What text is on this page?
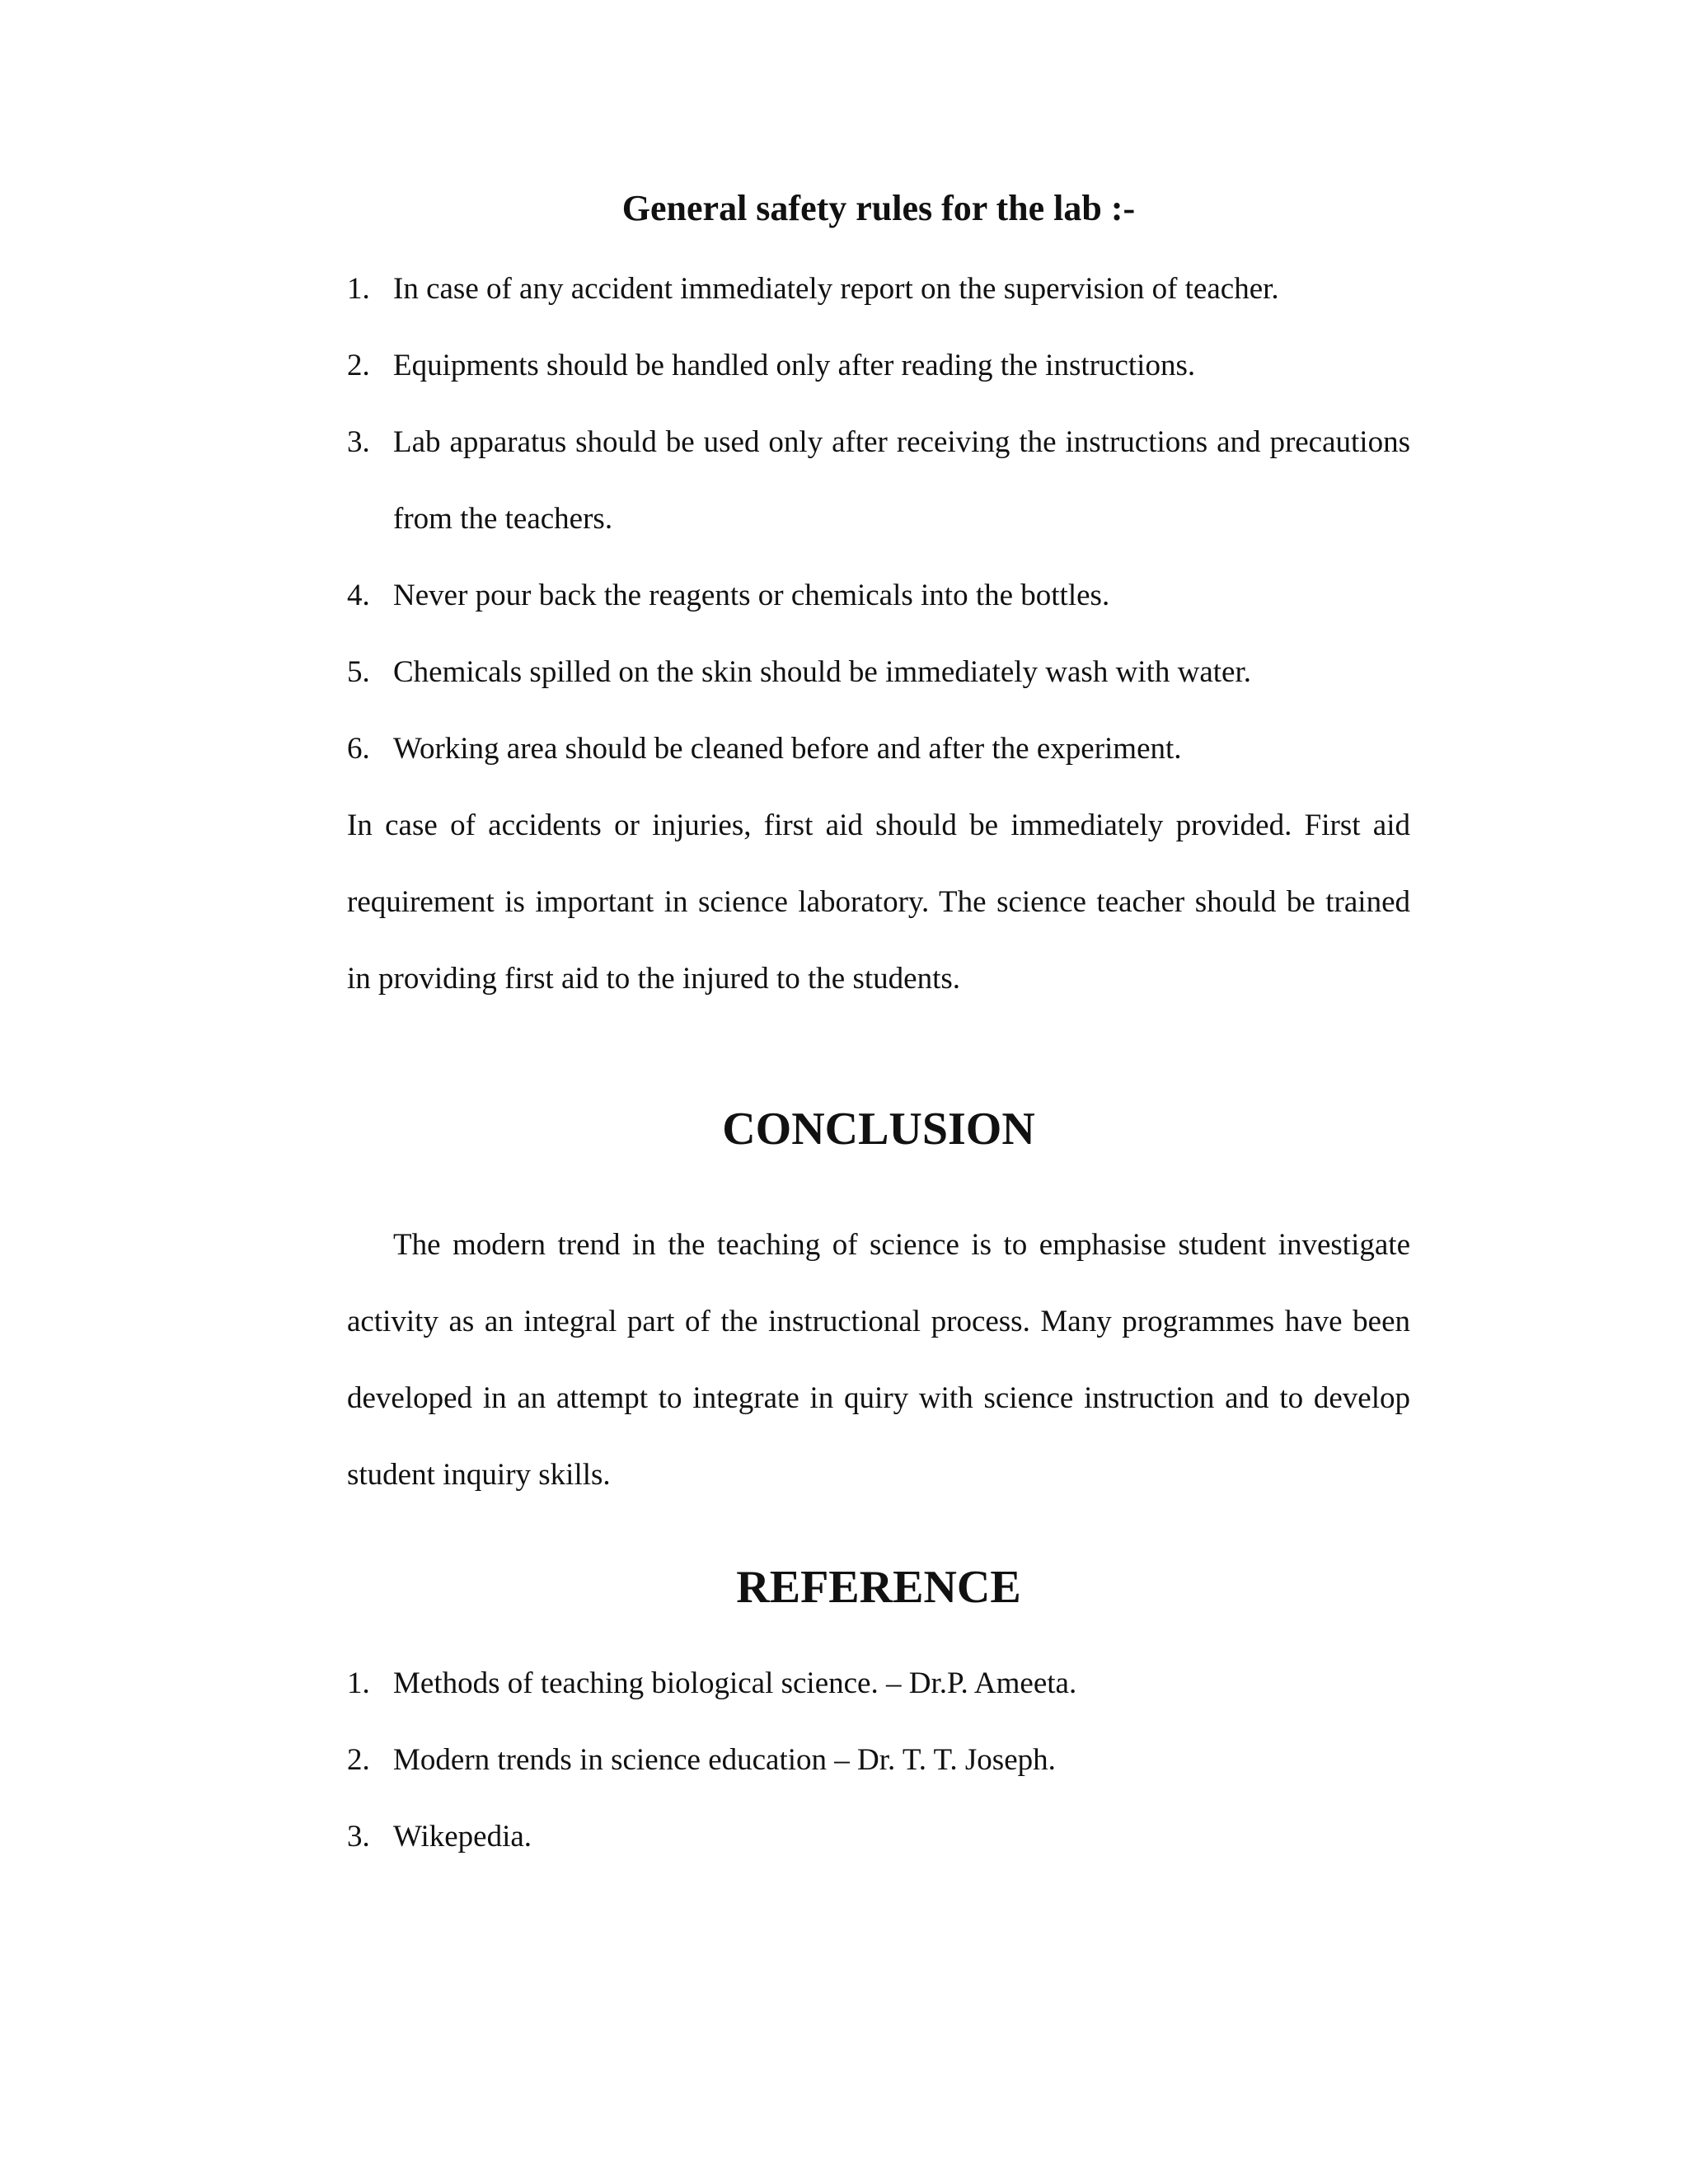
General safety rules for the lab :-
1. In case of any accident immediately report on the supervision of teacher.
2. Equipments should be handled only after reading the instructions.
3. Lab apparatus should be used only after receiving the instructions and precautions from the teachers.
4. Never pour back the reagents or chemicals into the bottles.
5. Chemicals spilled on the skin should be immediately wash with water.
6. Working area should be cleaned before and after the experiment.

In case of accidents or injuries, first aid should be immediately provided. First aid requirement is important in science laboratory. The science teacher should be trained in providing first aid to the injured to the students.

CONCLUSION

The modern trend in the teaching of science is to emphasise student investigate activity as an integral part of the instructional process. Many programmes have been developed in an attempt to integrate in quiry with science instruction and to develop student inquiry skills.

REFERENCE
1. Methods of teaching biological science. – Dr.P. Ameeta.
2. Modern trends in science education – Dr. T. T. Joseph.
3. Wikepedia.
